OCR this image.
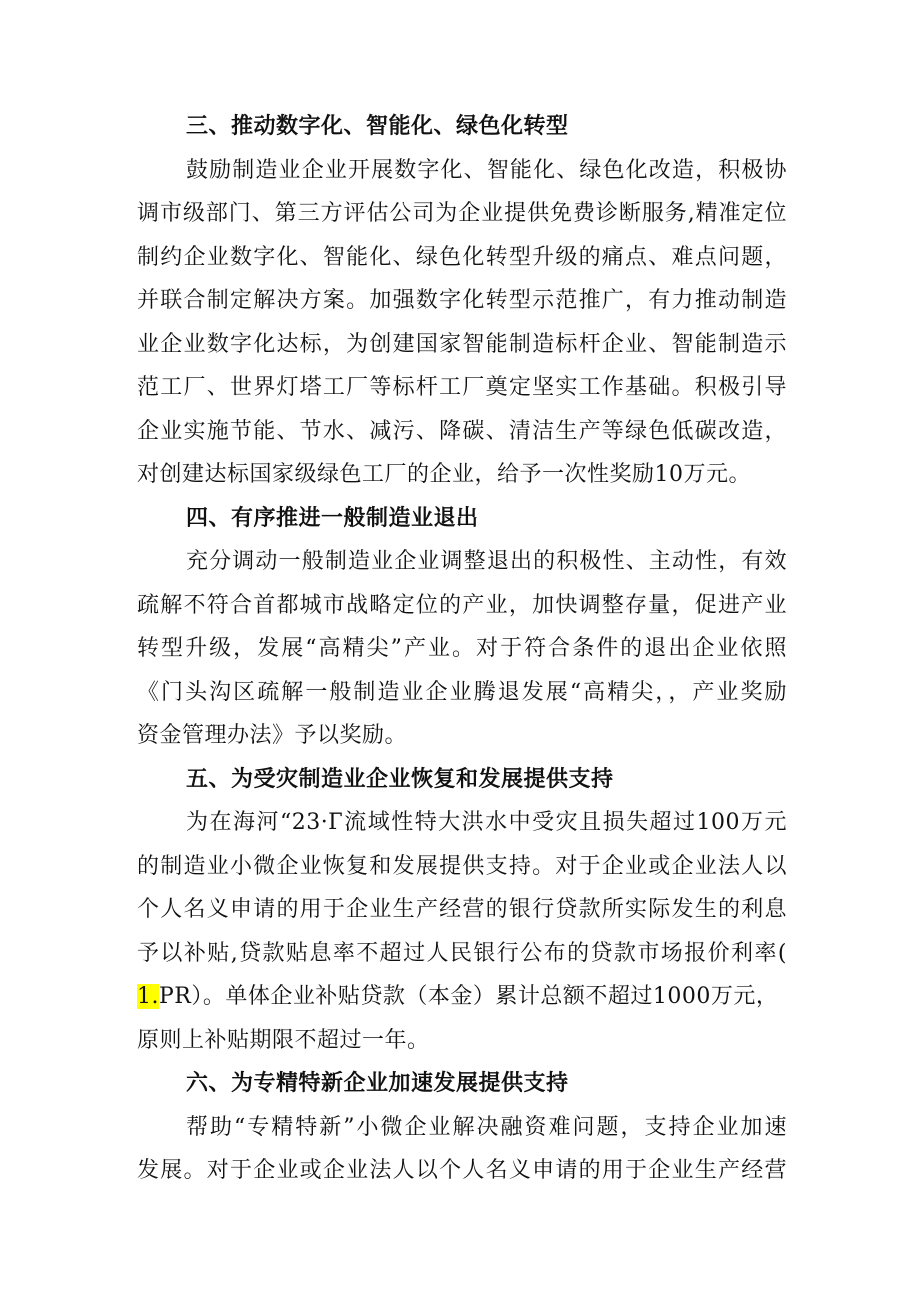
三、推动数字化、智能化、绿色化转型
鼓励制造业企业开展数字化、智能化、绿色化改造，积极协
调市级部门、第三方评估公司为企业提供免费诊断服务,精准定位
制约企业数字化、智能化、绿色化转型升级的痛点、难点问题，
并联合制定解决方案。加强数字化转型示范推广，有力推动制造
业企业数字化达标，为创建国家智能制造标杆企业、智能制造示
范工厂、世界灯塔工厂等标杆工厂奠定坚实工作基础。积极引导
企业实施节能、节水、减污、降碳、清洁生产等绿色低碳改造，
对创建达标国家级绿色工厂的企业，给予一次性奖励10万元。
四、有序推进一般制造业退出
充分调动一般制造业企业调整退出的积极性、主动性，有效
疏解不符合首都城市战略定位的产业，加快调整存量，促进产业
转型升级，发展“高精尖”产业。对于符合条件的退出企业依照
《门头沟区疏解一般制造业企业腾退发展“高精尖，，产业奖励
资金管理办法》予以奖励。
五、为受灾制造业企业恢复和发展提供支持
为在海河“23·Г流域性特大洪水中受灾且损失超过100万元
的制造业小微企业恢复和发展提供支持。对于企业或企业法人以
个人名义申请的用于企业生产经营的银行贷款所实际发生的利息
予以补贴,贷款贴息率不超过人民银行公布的贷款市场报价利率(
1.PR）。单体企业补贴贷款（本金）累计总额不超过1000万元，
原则上补贴期限不超过一年。
六、为专精特新企业加速发展提供支持
帮助“专精特新”小微企业解决融资难问题，支持企业加速
发展。对于企业或企业法人以个人名义申请的用于企业生产经营
